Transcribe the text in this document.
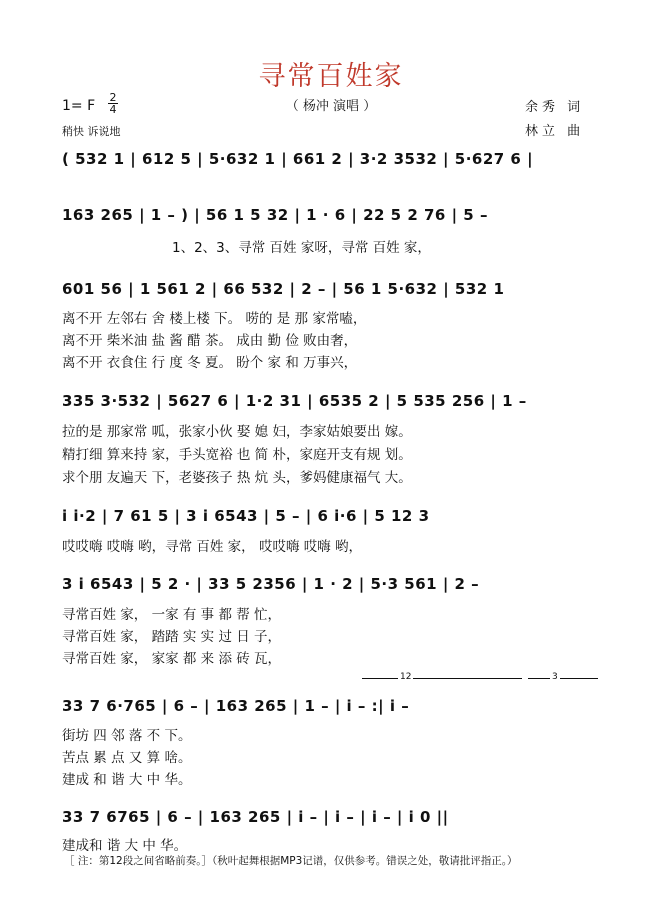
寻常百姓家
（ 杨冲 演唱 ）
1= F $\frac{2}{4}$
稍快 诉说地
余秀 词
林立 曲
( 532 1 | 612 5 | 5·632 1 | 661 2 | 3·2 3532 | 5·627 6 |
163 265 | 1 – ) | 56 1 5 32 | 1 · 6 | 22 5 2 76 | 5 –
1、2、3、寻常 百姓 家呀，寻常 百姓 家，
601 56 | 1 561 2 | 66 532 | 2 – | 56 1 5·632 | 532 1
离不开 左邻右 舍 楼上楼 下。 唠的 是 那 家常嗑，
离不开 柴米油 盐 酱 醋 茶。 成由 勤 俭 败由奢，
离不开 衣食住 行 度 冬 夏。 盼个 家 和 万事兴，
335 3·532 | 5627 6 | 1·2 31 | 6535 2 | 5 535 256 | 1 –
拉的是 那家常 呱，张家小伙 娶 媳 妇，李家姑娘要出 嫁。
精打细 算来持 家，手头宽裕 也 简 朴，家庭开支有规 划。
求个朋 友遍天 下，老婆孩子 热 炕 头，爹妈健康福气 大。
i i·2 | 7 61 5 | 3 i 6543 | 5 – | 6 i·6 | 5 12 3
哎哎嗨 哎嗨 哟，寻常 百姓 家， 哎哎嗨 哎嗨 哟，
3 i 6543 | 5 2 · | 33 5 2356 | 1 · 2 | 5·3 561 | 2 –
寻常百姓 家， 一家 有 事 都 帮 忙，
寻常百姓 家， 踏踏 实 实 过 日 子，
寻常百姓 家， 家家 都 来 添 砖 瓦，
12	3
33 7 6·765 | 6 – | 163 265 | 1 – | i – :| i –
街坊 四 邻 落 不 下。
苦点 累 点 又 算 啥。
建成 和 谐 大 中 华。
33 7 6765 | 6 – | 163 265 | i – | i – | i – | i 0 ||
建成和 谐 大 中 华。
［ 注：第12段之间省略前奏。］（秋叶起舞根据MP3记谱，仅供参考。错误之处，敬请批评指正。）
